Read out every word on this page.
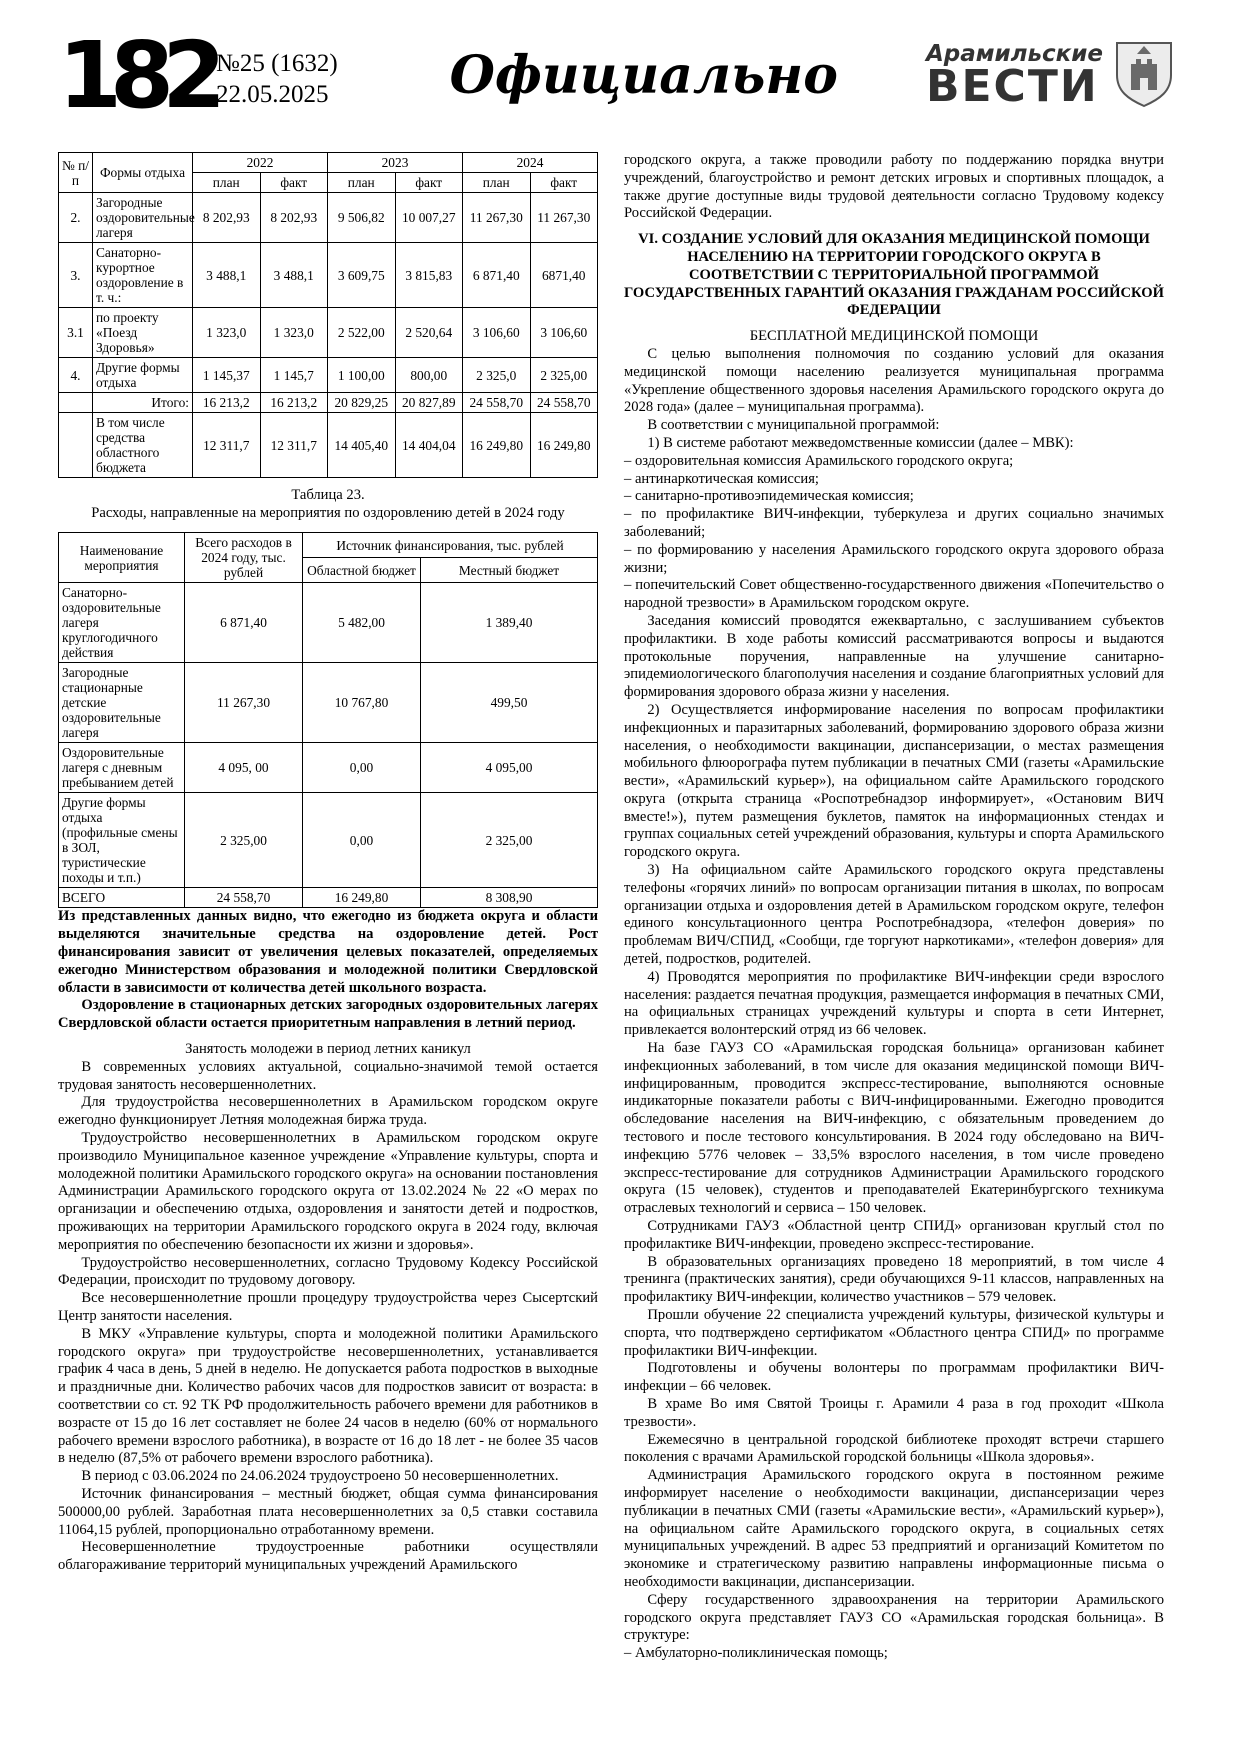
182 №25 (1632)
22.05.2025 Официально	Арамильские
ВЕСТИ
№ п/п	Формы отдыха	2022		2023		2024	
		план	факт	план	факт	план	факт
2.	Загородные оздоровительные лагеря	8 202,93	8 202,93	9 506,82	10 007,27	11 267,30	11 267,30
3.	Санаторно-курортное оздоровление в т. ч.:	3 488,1	3 488,1	3 609,75	3 815,83	6 871,40	6871,40
3.1	по проекту «Поезд Здоровья»	1 323,0	1 323,0	2 522,00	2 520,64	3 106,60	3 106,60
4.	Другие формы отдыха	1 145,37	1 145,7	1 100,00	800,00	2 325,0	2 325,00
	Итого:	16 213,2	16 213,2	20 829,25	20 827,89	24 558,70	24 558,70
	В том числе средства областного бюджета	12 311,7	12 311,7	14 405,40	14 404,04	16 249,80	16 249,80
Таблица 23.
Расходы, направленные на мероприятия по оздоровлению детей в 2024 году
Наименование мероприятия	Всего расходов в 2024 году, тыс. рублей	Источник финансирования, тыс. рублей	
		Областной бюджет	Местный бюджет
Санаторно-оздоровительные лагеря круглогодичного действия	6 871,40	5 482,00	1 389,40
Загородные стационарные детские оздоровительные лагеря	11 267,30	10 767,80	499,50
Оздоровительные лагеря с дневным пребыванием детей	4 095, 00	0,00	4 095,00
Другие формы отдыха (профильные смены в ЗОЛ, туристические походы и т.п.)	2 325,00	0,00	2 325,00
ВСЕГО	24 558,70	16 249,80	8 308,90

Из представленных данных видно, что ежегодно из бюджета округа и области выделяются значительные средства на оздоровление детей. Рост финансирования зависит от увеличения целевых показателей, определяемых ежегодно Министерством образования и молодежной политики Свердловской области в зависимости от количества детей школьного возраста.

Оздоровление в стационарных детских загородных оздоровительных лагерях Свердловской области остается приоритетным направления в летний период.

Занятость молодежи в период летних каникул

В современных условиях актуальной, социально-значимой темой остается трудовая занятость несовершеннолетних.

Для трудоустройства несовершеннолетних в Арамильском городском округе ежегодно функционирует Летняя молодежная биржа труда.

Трудоустройство несовершеннолетних в Арамильском городском округе производило Муниципальное казенное учреждение «Управление культуры, спорта и молодежной политики Арамильского городского округа» на основании постановления Администрации Арамильского городского округа от 13.02.2024 № 22 «О мерах по организации и обеспечению отдыха, оздоровления и занятости детей и подростков, проживающих на территории Арамильского городского округа в 2024 году, включая мероприятия по обеспечению безопасности их жизни и здоровья».

Трудоустройство несовершеннолетних, согласно Трудовому Кодексу Российской Федерации, происходит по трудовому договору.

Все несовершеннолетние прошли процедуру трудоустройства через Сысертский Центр занятости населения.

В МКУ «Управление культуры, спорта и молодежной политики Арамильского городского округа» при трудоустройстве несовершеннолетних, устанавливается график 4 часа в день, 5 дней в неделю. Не допускается работа подростков в выходные и праздничные дни. Количество рабочих часов для подростков зависит от возраста: в соответствии со ст. 92 ТК РФ продолжительность рабочего времени для работников в возрасте от 15 до 16 лет составляет не более 24 часов в неделю (60% от нормального рабочего времени взрослого работника), в возрасте от 16 до 18 лет - не более 35 часов в неделю (87,5% от рабочего времени взрослого работника).

В период с 03.06.2024 по 24.06.2024 трудоустроено 50 несовершеннолетних.

Источник финансирования – местный бюджет, общая сумма финансирования 500000,00 рублей. Заработная плата несовершеннолетних за 0,5 ставки составила 11064,15 рублей, пропорционально отработанному времени.

Несовершеннолетние трудоустроенные работники осуществляли облагораживание территорий муниципальных учреждений Арамильского

городского округа, а также проводили работу по поддержанию порядка внутри учреждений, благоустройство и ремонт детских игровых и спортивных площадок, а также другие доступные виды трудовой деятельности согласно Трудовому кодексу Российской Федерации.

VI. СОЗДАНИЕ УСЛОВИЙ ДЛЯ ОКАЗАНИЯ МЕДИЦИНСКОЙ ПОМОЩИ НАСЕЛЕНИЮ НА ТЕРРИТОРИИ ГОРОДСКОГО ОКРУГА В СООТВЕТСТВИИ С ТЕРРИТОРИАЛЬНОЙ ПРОГРАММОЙ ГОСУДАРСТВЕННЫХ ГАРАНТИЙ ОКАЗАНИЯ ГРАЖДАНАМ РОССИЙСКОЙ ФЕДЕРАЦИИ

БЕСПЛАТНОЙ МЕДИЦИНСКОЙ ПОМОЩИ

С целью выполнения полномочия по созданию условий для оказания медицинской помощи населению реализуется муниципальная программа «Укрепление общественного здоровья населения Арамильского городского округа до 2028 года» (далее – муниципальная программа).

В соответствии с муниципальной программой:

1) В системе работают межведомственные комиссии (далее – МВК):

– оздоровительная комиссия Арамильского городского округа;

– антинаркотическая комиссия;

– санитарно-противоэпидемическая комиссия;

– по профилактике ВИЧ-инфекции, туберкулеза и других социально значимых заболеваний;

– по формированию у населения Арамильского городского округа здорового образа жизни;

– попечительский Совет общественно-государственного движения «Попечительство о народной трезвости» в Арамильском городском округе.

Заседания комиссий проводятся ежеквартально, с заслушиванием субъектов профилактики. В ходе работы комиссий рассматриваются вопросы и выдаются протокольные поручения, направленные на улучшение санитарно-эпидемиологического благополучия населения и создание благоприятных условий для формирования здорового образа жизни у населения.

2) Осуществляется информирование населения по вопросам профилактики инфекционных и паразитарных заболеваний, формированию здорового образа жизни населения, о необходимости вакцинации, диспансеризации, о местах размещения мобильного флюорографа путем публикации в печатных СМИ (газеты «Арамильские вести», «Арамильский курьер»), на официальном сайте Арамильского городского округа (открыта страница «Роспотребнадзор информирует», «Остановим ВИЧ вместе!»), путем размещения буклетов, памяток на информационных стендах и группах социальных сетей учреждений образования, культуры и спорта Арамильского городского округа.

3) На официальном сайте Арамильского городского округа представлены телефоны «горячих линий» по вопросам организации питания в школах, по вопросам организации отдыха и оздоровления детей в Арамильском городском округе, телефон единого консультационного центра Роспотребнадзора, «телефон доверия» по проблемам ВИЧ/СПИД, «Сообщи, где торгуют наркотиками», «телефон доверия» для детей, подростков, родителей.

4) Проводятся мероприятия по профилактике ВИЧ-инфекции среди взрослого населения: раздается печатная продукция, размещается информация в печатных СМИ, на официальных страницах учреждений культуры и спорта в сети Интернет, привлекается волонтерский отряд из 66 человек.

На базе ГАУЗ СО «Арамильская городская больница» организован кабинет инфекционных заболеваний, в том числе для оказания медицинской помощи ВИЧ-инфицированным, проводится экспресс-тестирование, выполняются основные индикаторные показатели работы с ВИЧ-инфицированными. Ежегодно проводится обследование населения на ВИЧ-инфекцию, с обязательным проведением до тестового и после тестового консультирования. В 2024 году обследовано на ВИЧ-инфекцию 5776 человек – 33,5% взрослого населения, в том числе проведено экспресс-тестирование для сотрудников Администрации Арамильского городского округа (15 человек), студентов и преподавателей Екатеринбургского техникума отраслевых технологий и сервиса – 150 человек.

Сотрудниками ГАУЗ «Областной центр СПИД» организован круглый стол по профилактике ВИЧ-инфекции, проведено экспресс-тестирование.

В образовательных организациях проведено 18 мероприятий, в том числе 4 тренинга (практических занятия), среди обучающихся 9-11 классов, направленных на профилактику ВИЧ-инфекции, количество участников – 579 человек.

Прошли обучение 22 специалиста учреждений культуры, физической культуры и спорта, что подтверждено сертификатом «Областного центра СПИД» по программе профилактики ВИЧ-инфекции.

Подготовлены и обучены волонтеры по программам профилактики ВИЧ-инфекции – 66 человек.

В храме Во имя Святой Троицы г. Арамили 4 раза в год проходит «Школа трезвости».

Ежемесячно в центральной городской библиотеке проходят встречи старшего поколения с врачами Арамильской городской больницы «Школа здоровья».

Администрация Арамильского городского округа в постоянном режиме информирует население о необходимости вакцинации, диспансеризации через публикации в печатных СМИ (газеты «Арамильские вести», «Арамильский курьер»), на официальном сайте Арамильского городского округа, в социальных сетях муниципальных учреждений. В адрес 53 предприятий и организаций Комитетом по экономике и стратегическому развитию направлены информационные письма о необходимости вакцинации, диспансеризации.

Сферу государственного здравоохранения на территории Арамильского городского округа представляет ГАУЗ СО «Арамильская городская больница». В структуре:

– Амбулаторно-поликлиническая помощь;
